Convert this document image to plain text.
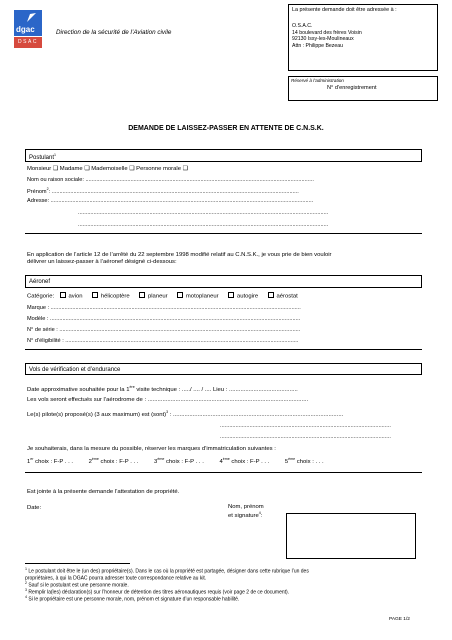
dgac
DSAC
Direction de la sécurité de l’Aviation civile
La présente demande doit être adressée à :
O.S.A.C.
14 boulevard des frères Voisin
92130 Issy-les-Moulineaux
Attn : Philippe Bezeau
Réservé à l’administration
N° d’enregistrement
DEMANDE DE LAISSEZ-PASSER EN ATTENTE DE C.N.S.K.
Postulant$^1$
Monsieur ❑ Madame ❑ Mademoiselle ❑ Personne morale ❑
Nom ou raison sociale: ...................................................................................................................................................
Prénom$^2$: ...............................................................................................................................................................
Adresse: .........................................................................................................................................................................
.................................................................................................................................................................
.................................................................................................................................................................
En application de l’article 12 de l’arrêté du 22 septembre 1998 modifié relatif au C.N.S.K., je vous prie de bien vouloir
délivrer un laissez-passer à l’aéronef désigné ci-dessous:
Aéronef
Catégorie: avion	hélicoptère	planeur	motoplaneur	autogire	aérostat
Marque : .................................................................................................................................................................
Modèle : .................................................................................................................................................................
N° de série : ...........................................................................................................................................................
N° d’éligibilité : ......................................................................................................................................................
Vols de vérification et d’endurance
Date approximative souhaitée pour la 1ère visite technique : ...../ .... / .... Lieu : ..........................................
Les vols seront effectués sur l’aérodrome de : ..................................................................................................
Le(s) pilote(s) proposé(s) (3 aux maximum) est (sont)$^3$ : ........................................................................................................
..............................................................................................................
..............................................................................................................
Je souhaiterais, dans la mesure du possible, réserver les marques d’immatriculation suivantes :
1er choix : F-P . . .	2ème choix : F-P . . .	3ème choix : F-P . . .	4ème choix : F-P . . .	5ème choix : . . .
Est jointe à la présente demande l’attestation de propriété.
Date:	Nom, prénom
et signature$^4$:
$^1$ Le postulant doit être le (un des) propriétaire(s). Dans le cas où la propriété est partagée, désigner dans cette rubrique l’un des
propriétaires, à qui la DGAC pourra adresser toute correspondance relative au kit.
$^2$ Sauf si le postulant est une personne morale.
$^3$ Remplir la(les) déclaration(s) sur l’honneur de détention des titres aéronautiques requis (voir page 2 de ce document).
$^4$ Si le propriétaire est une personne morale, nom, prénom et signature d’un responsable habilité.
PAGE 1/2
